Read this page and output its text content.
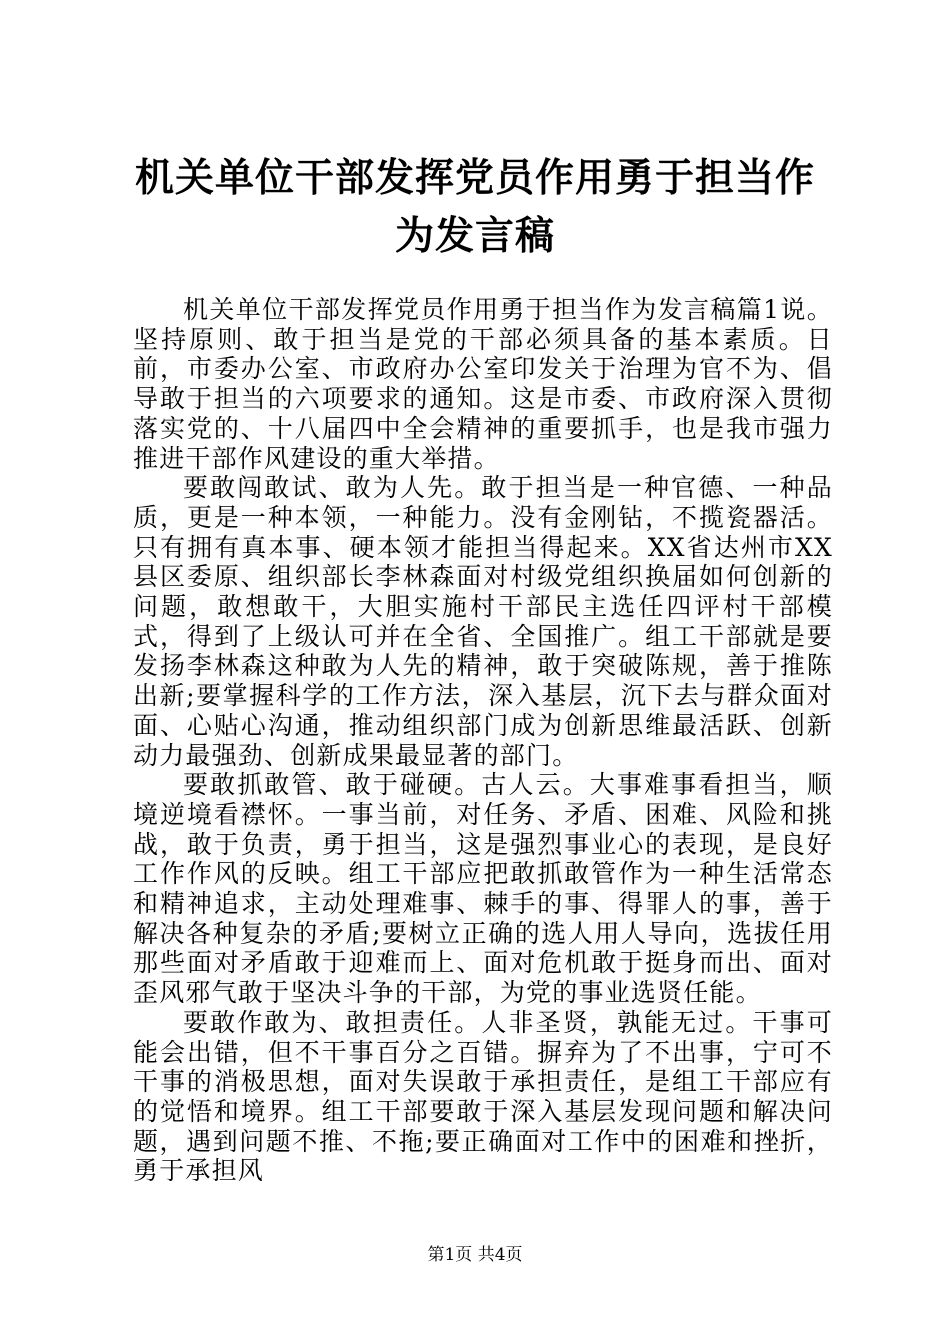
机关单位干部发挥党员作用勇于担当作为发言稿

机关单位干部发挥党员作用勇于担当作为发言稿篇1说。坚持原则、敢于担当是党的干部必须具备的基本素质。日前，市委办公室、市政府办公室印发关于治理为官不为、倡导敢于担当的六项要求的通知。这是市委、市政府深入贯彻落实党的、十八届四中全会精神的重要抓手，也是我市强力推进干部作风建设的重大举措。

要敢闯敢试、敢为人先。敢于担当是一种官德、一种品质，更是一种本领，一种能力。没有金刚钻，不揽瓷器活。只有拥有真本事、硬本领才能担当得起来。XX省达州市XX县区委原、组织部长李林森面对村级党组织换届如何创新的问题，敢想敢干，大胆实施村干部民主选任四评村干部模式，得到了上级认可并在全省、全国推广。组工干部就是要发扬李林森这种敢为人先的精神，敢于突破陈规，善于推陈出新;要掌握科学的工作方法，深入基层，沉下去与群众面对面、心贴心沟通，推动组织部门成为创新思维最活跃、创新动力最强劲、创新成果最显著的部门。

要敢抓敢管、敢于碰硬。古人云。大事难事看担当，顺境逆境看襟怀。一事当前，对任务、矛盾、困难、风险和挑战，敢于负责，勇于担当，这是强烈事业心的表现，是良好工作作风的反映。组工干部应把敢抓敢管作为一种生活常态和精神追求，主动处理难事、棘手的事、得罪人的事，善于解决各种复杂的矛盾;要树立正确的选人用人导向，选拔任用那些面对矛盾敢于迎难而上、面对危机敢于挺身而出、面对歪风邪气敢于坚决斗争的干部，为党的事业选贤任能。

要敢作敢为、敢担责任。人非圣贤，孰能无过。干事可能会出错，但不干事百分之百错。摒弃为了不出事，宁可不干事的消极思想，面对失误敢于承担责任，是组工干部应有的觉悟和境界。组工干部要敢于深入基层发现问题和解决问题，遇到问题不推、不拖;要正确面对工作中的困难和挫折，勇于承担风

第1页 共4页
